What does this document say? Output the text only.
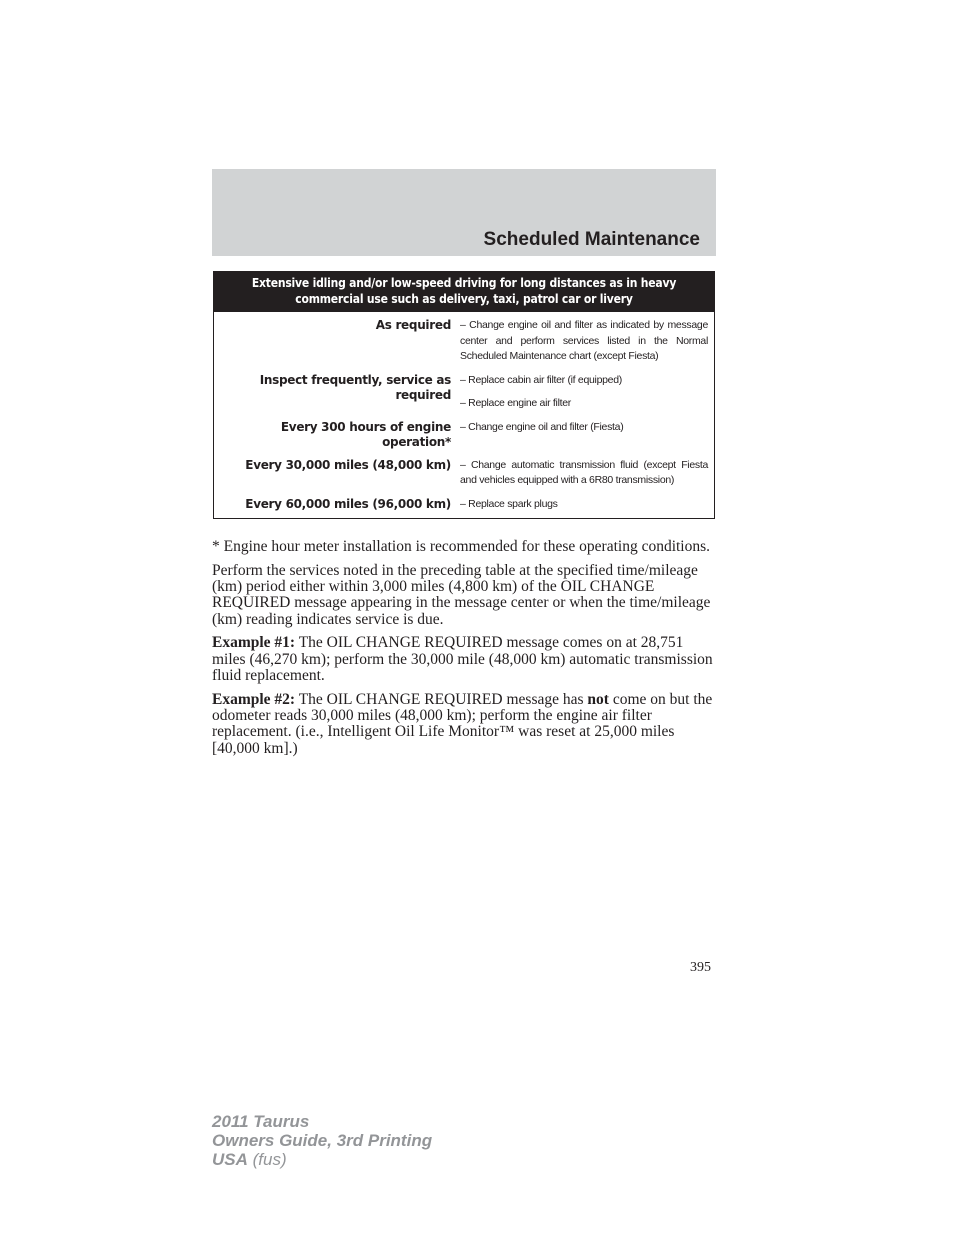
Scheduled Maintenance
Extensive idling and/or low-speed driving for long distances as in heavy commercial use such as delivery, taxi, patrol car or livery
As required – Change engine oil and filter as indicated by message center and perform services listed in the Normal Scheduled Maintenance chart (except Fiesta)
Inspect frequently, service as required
– Replace cabin air filter (if equipped)
– Replace engine air filter
Every 300 hours of engine operation*
– Change engine oil and filter (Fiesta)
Every 30,000 miles (48,000 km) – Change automatic transmission fluid (except Fiesta and vehicles equipped with a 6R80 transmission)
Every 60,000 miles (96,000 km) – Replace spark plugs

* Engine hour meter installation is recommended for these operating conditions.

Perform the services noted in the preceding table at the specified time/mileage (km) period either within 3,000 miles (4,800 km) of the OIL CHANGE REQUIRED message appearing in the message center or when the time/mileage (km) reading indicates service is due.

Example #1: The OIL CHANGE REQUIRED message comes on at 28,751 miles (46,270 km); perform the 30,000 mile (48,000 km) automatic transmission fluid replacement.

Example #2: The OIL CHANGE REQUIRED message has not come on but the odometer reads 30,000 miles (48,000 km); perform the engine air filter replacement. (i.e., Intelligent Oil Life Monitor™ was reset at 25,000 miles [40,000 km].)

395
2011 Taurus
Owners Guide, 3rd Printing
USA (fus)
